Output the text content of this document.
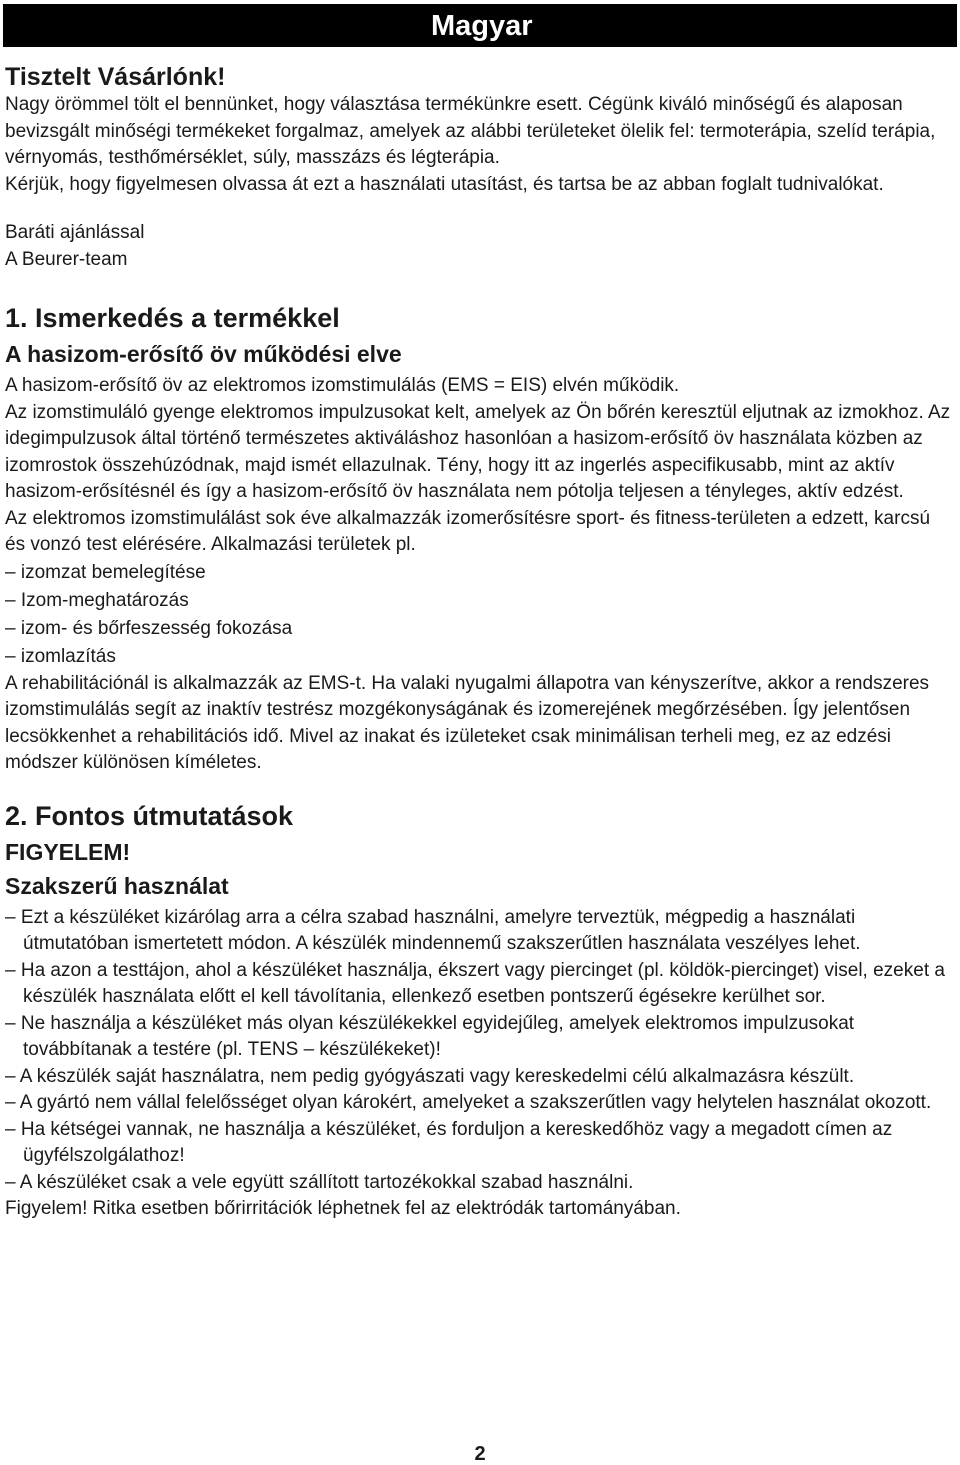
Magyar
Tisztelt Vásárlónk!

Nagy örömmel tölt el bennünket, hogy választása termékünkre esett. Cégünk kiváló minőségű és alaposan bevizsgált minőségi termékeket forgalmaz, amelyek az alábbi területeket ölelik fel: termoterápia, szelíd terápia, vérnyomás, testhőmérséklet, súly, masszázs és légterápia.

Kérjük, hogy figyelmesen olvassa át ezt a használati utasítást, és tartsa be az abban foglalt tudnivalókat.

Baráti ajánlással

A Beurer-team

1. Ismerkedés a termékkel
A hasizom-erősítő öv működési elve

A hasizom-erősítő öv az elektromos izomstimulálás (EMS = EIS) elvén működik.

Az izomstimuláló gyenge elektromos impulzusokat kelt, amelyek az Ön bőrén keresztül eljutnak az izmokhoz. Az idegimpulzusok által történő természetes aktiváláshoz hasonlóan a hasizom-erősítő öv használata közben az izomrostok összehúzódnak, majd ismét ellazulnak. Tény, hogy itt az ingerlés aspecifikusabb, mint az aktív hasizom-erősítésnél és így a hasizom-erősítő öv használata nem pótolja teljesen a tényleges, aktív edzést.

Az elektromos izomstimulálást sok éve alkalmazzák izomerősítésre sport- és fitness-területen a edzett, karcsú és vonzó test elérésére. Alkalmazási területek pl.

– izomzat bemelegítése
– Izom-meghatározás
– izom- és bőrfeszesség fokozása
– izomlazítás

A rehabilitációnál is alkalmazzák az EMS-t. Ha valaki nyugalmi állapotra van kényszerítve, akkor a rendszeres izomstimulálás segít az inaktív testrész mozgékonyságának és izomerejének megőrzésében. Így jelentősen lecsökkenhet a rehabilitációs idő. Mivel az inakat és izületeket csak minimálisan terheli meg, ez az edzési módszer különösen kíméletes.

2. Fontos útmutatások
FIGYELEM!
Szakszerű használat
– Ezt a készüléket kizárólag arra a célra szabad használni, amelyre terveztük, mégpedig a használati útmutatóban ismertetett módon. A készülék mindennemű szakszerűtlen használata veszélyes lehet.
– Ha azon a testtájon, ahol a készüléket használja, ékszert vagy piercinget (pl. köldök-piercinget) visel, ezeket a készülék használata előtt el kell távolítania, ellenkező esetben pontszerű égésekre kerülhet sor.
– Ne használja a készüléket más olyan készülékekkel egyidejűleg, amelyek elektromos impulzusokat továbbítanak a testére (pl. TENS – készülékeket)!
– A készülék saját használatra, nem pedig gyógyászati vagy kereskedelmi célú alkalmazásra készült.
– A gyártó nem vállal felelősséget olyan károkért, amelyeket a szakszerűtlen vagy helytelen használat okozott.
– Ha kétségei vannak, ne használja a készüléket, és forduljon a kereskedőhöz vagy a megadott címen az ügyfélszolgálathoz!
– A készüléket csak a vele együtt szállított tartozékokkal szabad használni.

Figyelem! Ritka esetben bőrirritációk léphetnek fel az elektródák tartományában.

2
